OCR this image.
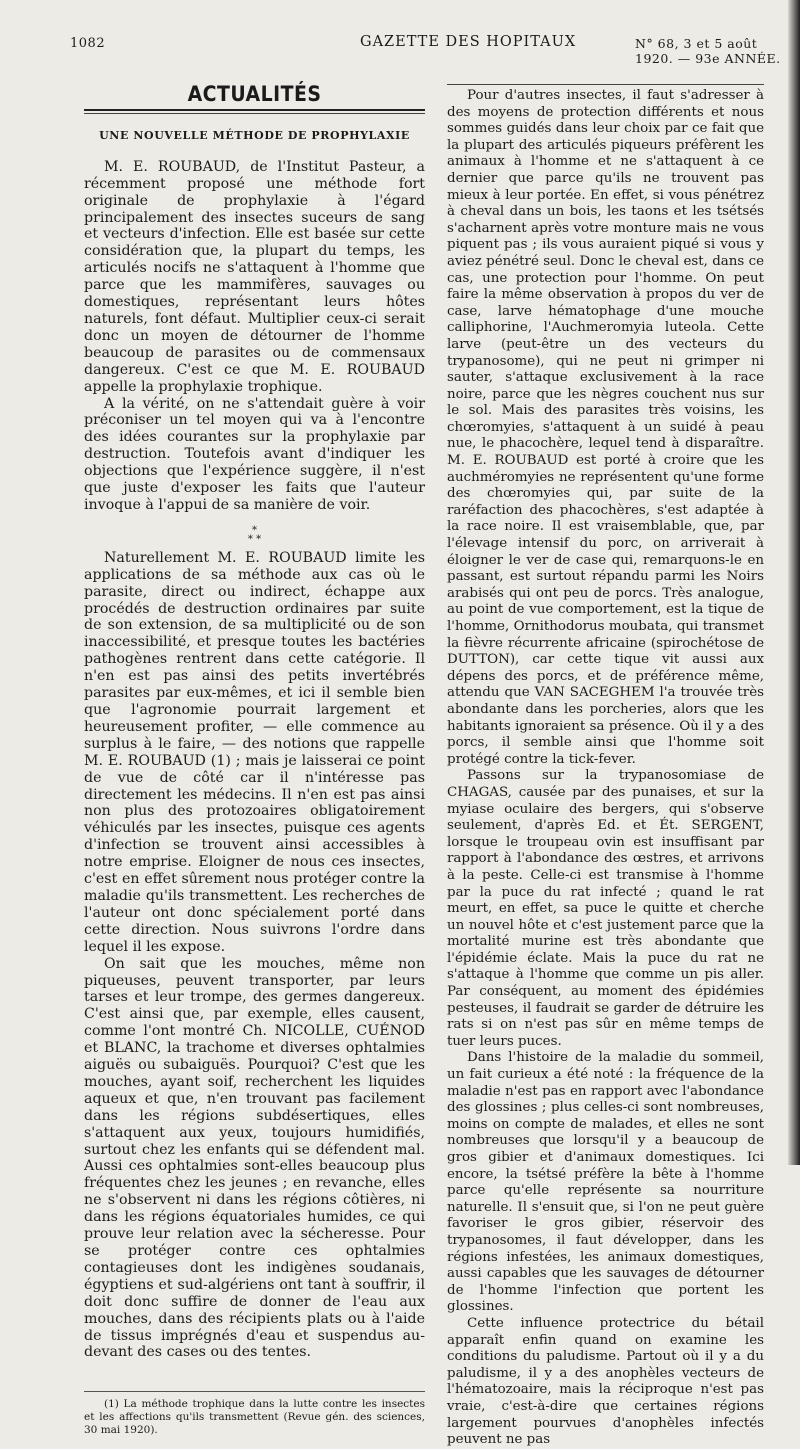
1082	GAZETTE DES HOPITAUX	N° 68, 3 et 5 août 1920. — 93e ANNÉE.
ACTUALITÉS
UNE NOUVELLE MÉTHODE DE PROPHYLAXIE

M. E. ROUBAUD, de l'Institut Pasteur, a récemment proposé une méthode fort originale de prophylaxie à l'égard principalement des insectes suceurs de sang et vecteurs d'infection. Elle est basée sur cette considération que, la plupart du temps, les articulés nocifs ne s'attaquent à l'homme que parce que les mammifères, sauvages ou domestiques, représentant leurs hôtes naturels, font défaut. Multiplier ceux-ci serait donc un moyen de détourner de l'homme beaucoup de parasites ou de commensaux dangereux. C'est ce que M. E. ROUBAUD appelle la prophylaxie trophique.

A la vérité, on ne s'attendait guère à voir préconiser un tel moyen qui va à l'encontre des idées courantes sur la prophylaxie par destruction. Toutefois avant d'indiquer les objections que l'expérience suggère, il n'est que juste d'exposer les faits que l'auteur invoque à l'appui de sa manière de voir.

*
* *

Naturellement M. E. ROUBAUD limite les applications de sa méthode aux cas où le parasite, direct ou indirect, échappe aux procédés de destruction ordinaires par suite de son extension, de sa multiplicité ou de son inaccessibilité, et presque toutes les bactéries pathogènes rentrent dans cette catégorie. Il n'en est pas ainsi des petits invertébrés parasites par eux-mêmes, et ici il semble bien que l'agronomie pourrait largement et heureusement profiter, — elle commence au surplus à le faire, — des notions que rappelle M. E. ROUBAUD (1) ; mais je laisserai ce point de vue de côté car il n'intéresse pas directement les médecins. Il n'en est pas ainsi non plus des protozoaires obligatoirement véhiculés par les insectes, puisque ces agents d'infection se trouvent ainsi accessibles à notre emprise. Eloigner de nous ces insectes, c'est en effet sûrement nous protéger contre la maladie qu'ils transmettent. Les recherches de l'auteur ont donc spécialement porté dans cette direction. Nous suivrons l'ordre dans lequel il les expose.

On sait que les mouches, même non piqueuses, peuvent transporter, par leurs tarses et leur trompe, des germes dangereux. C'est ainsi que, par exemple, elles causent, comme l'ont montré Ch. NICOLLE, CUÉNOD et BLANC, la trachome et diverses ophtalmies aiguës ou subaiguës. Pourquoi? C'est que les mouches, ayant soif, recherchent les liquides aqueux et que, n'en trouvant pas facilement dans les régions subdésertiques, elles s'attaquent aux yeux, toujours humidifiés, surtout chez les enfants qui se défendent mal. Aussi ces ophtalmies sont-elles beaucoup plus fréquentes chez les jeunes ; en revanche, elles ne s'observent ni dans les régions côtières, ni dans les régions équatoriales humides, ce qui prouve leur relation avec la sécheresse. Pour se protéger contre ces ophtalmies contagieuses dont les indigènes soudanais, égyptiens et sud-algériens ont tant à souffrir, il doit donc suffire de donner de l'eau aux mouches, dans des récipients plats ou à l'aide de tissus imprégnés d'eau et suspendus au-devant des cases ou des tentes.

(1) La méthode trophique dans la lutte contre les insectes et les affections qu'ils transmettent (Revue gén. des sciences, 30 mai 1920).

Pour d'autres insectes, il faut s'adresser à des moyens de protection différents et nous sommes guidés dans leur choix par ce fait que la plupart des articulés piqueurs préfèrent les animaux à l'homme et ne s'attaquent à ce dernier que parce qu'ils ne trouvent pas mieux à leur portée. En effet, si vous pénétrez à cheval dans un bois, les taons et les tsétsés s'acharnent après votre monture mais ne vous piquent pas ; ils vous auraient piqué si vous y aviez pénétré seul. Donc le cheval est, dans ce cas, une protection pour l'homme. On peut faire la même observation à propos du ver de case, larve hématophage d'une mouche calliphorine, l'Auchmeromyia luteola. Cette larve (peut-être un des vecteurs du trypanosome), qui ne peut ni grimper ni sauter, s'attaque exclusivement à la race noire, parce que les nègres couchent nus sur le sol. Mais des parasites très voisins, les chœromyies, s'attaquent à un suidé à peau nue, le phacochère, lequel tend à disparaître. M. E. ROUBAUD est porté à croire que les auchméromyies ne représentent qu'une forme des chœromyies qui, par suite de la raréfaction des phacochères, s'est adaptée à la race noire. Il est vraisemblable, que, par l'élevage intensif du porc, on arriverait à éloigner le ver de case qui, remarquons-le en passant, est surtout répandu parmi les Noirs arabisés qui ont peu de porcs. Très analogue, au point de vue comportement, est la tique de l'homme, Ornithodorus moubata, qui transmet la fièvre récurrente africaine (spirochétose de DUTTON), car cette tique vit aussi aux dépens des porcs, et de préférence même, attendu que VAN SACEGHEM l'a trouvée très abondante dans les porcheries, alors que les habitants ignoraient sa présence. Où il y a des porcs, il semble ainsi que l'homme soit protégé contre la tick-fever.

Passons sur la trypanosomiase de CHAGAS, causée par des punaises, et sur la myiase oculaire des bergers, qui s'observe seulement, d'après Ed. et Ét. SERGENT, lorsque le troupeau ovin est insuffisant par rapport à l'abondance des œstres, et arrivons à la peste. Celle-ci est transmise à l'homme par la puce du rat infecté ; quand le rat meurt, en effet, sa puce le quitte et cherche un nouvel hôte et c'est justement parce que la mortalité murine est très abondante que l'épidémie éclate. Mais la puce du rat ne s'attaque à l'homme que comme un pis aller. Par conséquent, au moment des épidémies pesteuses, il faudrait se garder de détruire les rats si on n'est pas sûr en même temps de tuer leurs puces.

Dans l'histoire de la maladie du sommeil, un fait curieux a été noté : la fréquence de la maladie n'est pas en rapport avec l'abondance des glossines ; plus celles-ci sont nombreuses, moins on compte de malades, et elles ne sont nombreuses que lorsqu'il y a beaucoup de gros gibier et d'animaux domestiques. Ici encore, la tsétsé préfère la bête à l'homme parce qu'elle représente sa nourriture naturelle. Il s'ensuit que, si l'on ne peut guère favoriser le gros gibier, réservoir des trypanosomes, il faut développer, dans les régions infestées, les animaux domestiques, aussi capables que les sauvages de détourner de l'homme l'infection que portent les glossines.

Cette influence protectrice du bétail apparaît enfin quand on examine les conditions du paludisme. Partout où il y a du paludisme, il y a des anophèles vecteurs de l'hématozoaire, mais la réciproque n'est pas vraie, c'est-à-dire que certaines régions largement pourvues d'anophèles infectés peuvent ne pas
